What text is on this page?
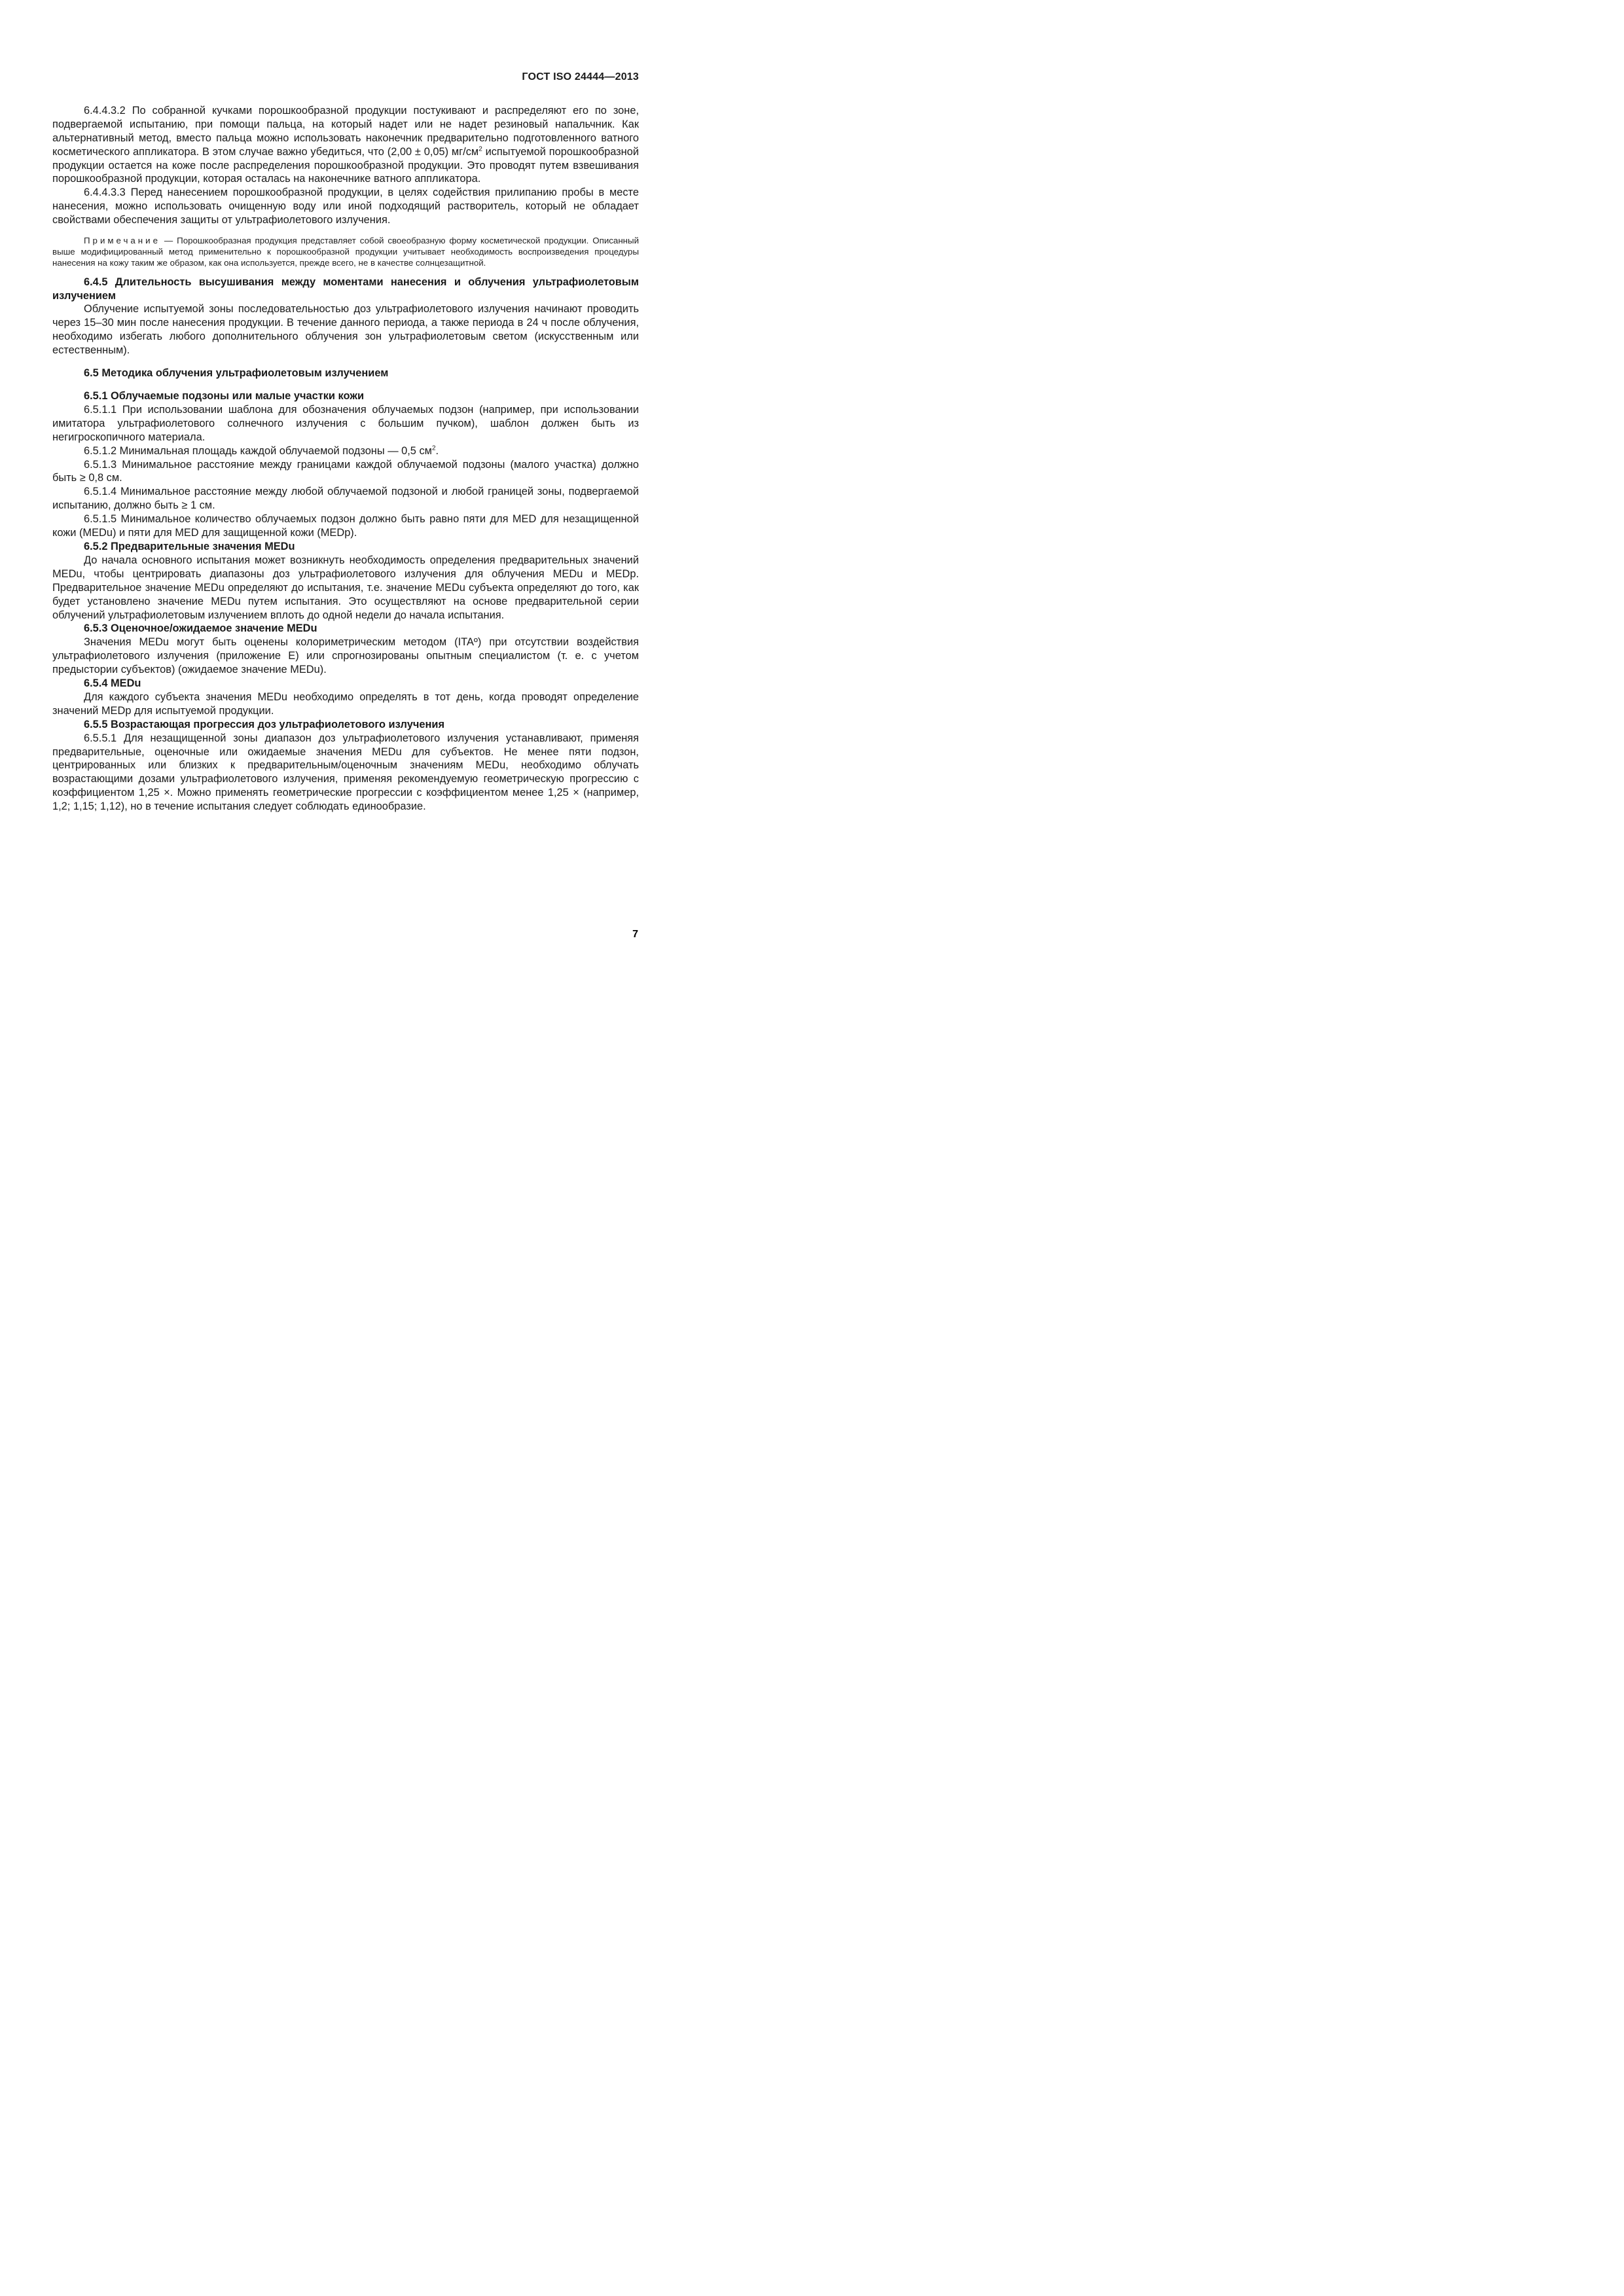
ГОСТ ISO 24444—2013

6.4.4.3.2 По собранной кучками порошкообразной продукции постукивают и распределяют его по зоне, подвергаемой испытанию, при помощи пальца, на который надет или не надет резиновый напальчник. Как альтернативный метод, вместо пальца можно использовать наконечник предварительно подготовленного ватного косметического аппликатора. В этом случае важно убедиться, что (2,00 ± 0,05) $мг/см^2$ испытуемой порошкообразной продукции остается на коже после распределения порошкообразной продукции. Это проводят путем взвешивания порошкообразной продукции, которая осталась на наконечнике ватного аппликатора.

6.4.4.3.3 Перед нанесением порошкообразной продукции, в целях содействия прилипанию пробы в месте нанесения, можно использовать очищенную воду или иной подходящий растворитель, который не обладает свойствами обеспечения защиты от ультрафиолетового излучения.

Примечание — Порошкообразная продукция представляет собой своеобразную форму косметической продукции. Описанный выше модифицированный метод применительно к порошкообразной продукции учитывает необходимость воспроизведения процедуры нанесения на кожу таким же образом, как она используется, прежде всего, не в качестве солнцезащитной.
6.4.5 Длительность высушивания между моментами нанесения и облучения ультрафиолетовым излучением

Облучение испытуемой зоны последовательностью доз ультрафиолетового излучения начинают проводить через 15–30 мин после нанесения продукции. В течение данного периода, а также периода в 24 ч после облучения, необходимо избегать любого дополнительного облучения зон ультрафиолетовым светом (искусственным или естественным).

6.5 Методика облучения ультрафиолетовым излучением
6.5.1 Облучаемые подзоны или малые участки кожи

6.5.1.1 При использовании шаблона для обозначения облучаемых подзон (например, при использовании имитатора ультрафиолетового солнечного излучения с большим пучком), шаблон должен быть из негигроскопичного материала.

6.5.1.2 Минимальная площадь каждой облучаемой подзоны — 0,5 $см^2$.

6.5.1.3 Минимальное расстояние между границами каждой облучаемой подзоны (малого участка) должно быть ≥ 0,8 см.

6.5.1.4 Минимальное расстояние между любой облучаемой подзоной и любой границей зоны, подвергаемой испытанию, должно быть ≥ 1 см.

6.5.1.5 Минимальное количество облучаемых подзон должно быть равно пяти для MED для незащищенной кожи (MEDu) и пяти для MED для защищенной кожи (MEDp).

6.5.2 Предварительные значения MEDu

До начала основного испытания может возникнуть необходимость определения предварительных значений MEDu, чтобы центрировать диапазоны доз ультрафиолетового излучения для облучения MEDu и MEDp. Предварительное значение MEDu определяют до испытания, т.е. значение MEDu субъекта определяют до того, как будет установлено значение MEDu путем испытания. Это осуществляют на основе предварительной серии облучений ультрафиолетовым излучением вплоть до одной недели до начала испытания.

6.5.3 Оценочное/ожидаемое значение MEDu

Значения MEDu могут быть оценены колориметрическим методом (ITAº) при отсутствии воздействия ультрафиолетового излучения (приложение E) или спрогнозированы опытным специалистом (т. е. с учетом предыстории субъектов) (ожидаемое значение MEDu).

6.5.4 MEDu

Для каждого субъекта значения MEDu необходимо определять в тот день, когда проводят определение значений MEDp для испытуемой продукции.

6.5.5 Возрастающая прогрессия доз ультрафиолетового излучения

6.5.5.1 Для незащищенной зоны диапазон доз ультрафиолетового излучения устанавливают, применяя предварительные, оценочные или ожидаемые значения MEDu для субъектов. Не менее пяти подзон, центрированных или близких к предварительным/оценочным значениям MEDu, необходимо облучать возрастающими дозами ультрафиолетового излучения, применяя рекомендуемую геометрическую прогрессию с коэффициентом 1,25 ×. Можно применять геометрические прогрессии с коэффициентом менее 1,25 × (например, 1,2; 1,15; 1,12), но в течение испытания следует соблюдать единообразие.

7
